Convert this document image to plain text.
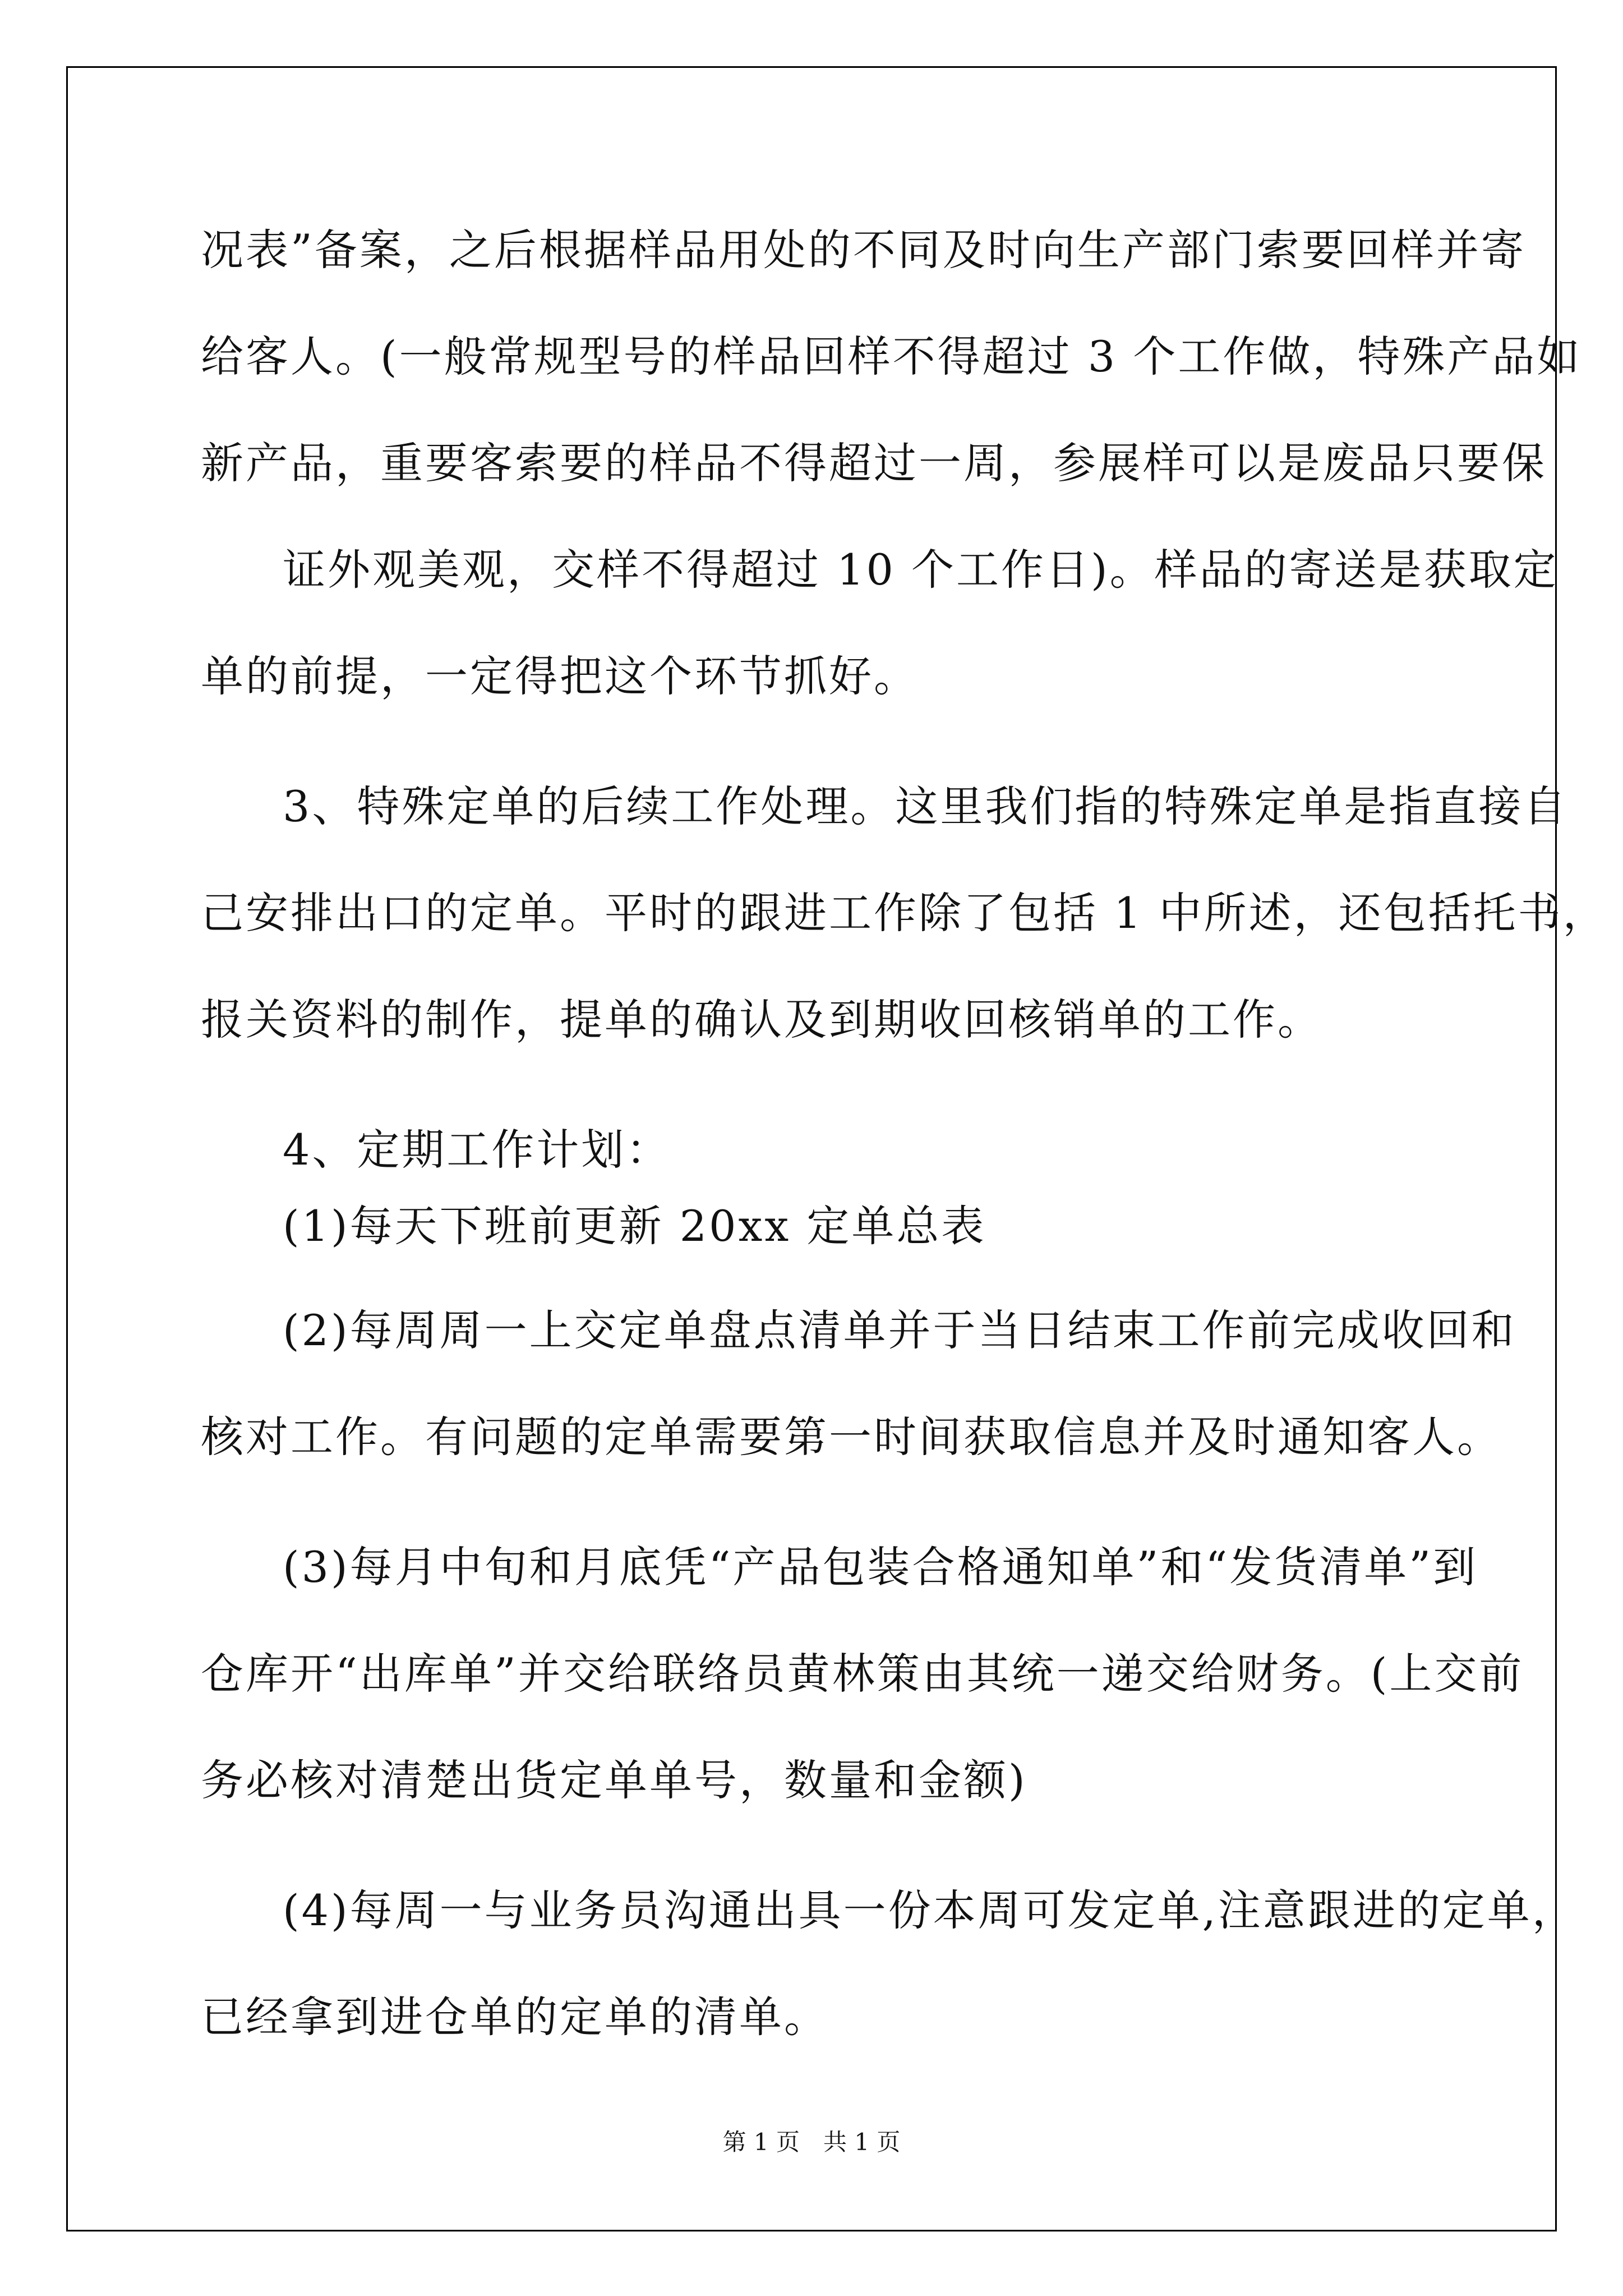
况表”备案，之后根据样品用处的不同及时向生产部门索要回样并寄
给客人。(一般常规型号的样品回样不得超过 3 个工作做，特殊产品如
新产品，重要客索要的样品不得超过一周，参展样可以是废品只要保
证外观美观，交样不得超过 10 个工作日)。样品的寄送是获取定
单的前提，一定得把这个环节抓好。
3、特殊定单的后续工作处理。这里我们指的特殊定单是指直接自
己安排出口的定单。平时的跟进工作除了包括 1 中所述，还包括托书，
报关资料的制作，提单的确认及到期收回核销单的工作。
4、定期工作计划：
(1)每天下班前更新 20xx 定单总表
(2)每周周一上交定单盘点清单并于当日结束工作前完成收回和
核对工作。有问题的定单需要第一时间获取信息并及时通知客人。
(3)每月中旬和月底凭“产品包装合格通知单”和“发货清单”到
仓库开“出库单”并交给联络员黄林策由其统一递交给财务。(上交前
务必核对清楚出货定单单号，数量和金额)
(4)每周一与业务员沟通出具一份本周可发定单,注意跟进的定单，
已经拿到进仓单的定单的清单。
第 1 页　共 1 页
